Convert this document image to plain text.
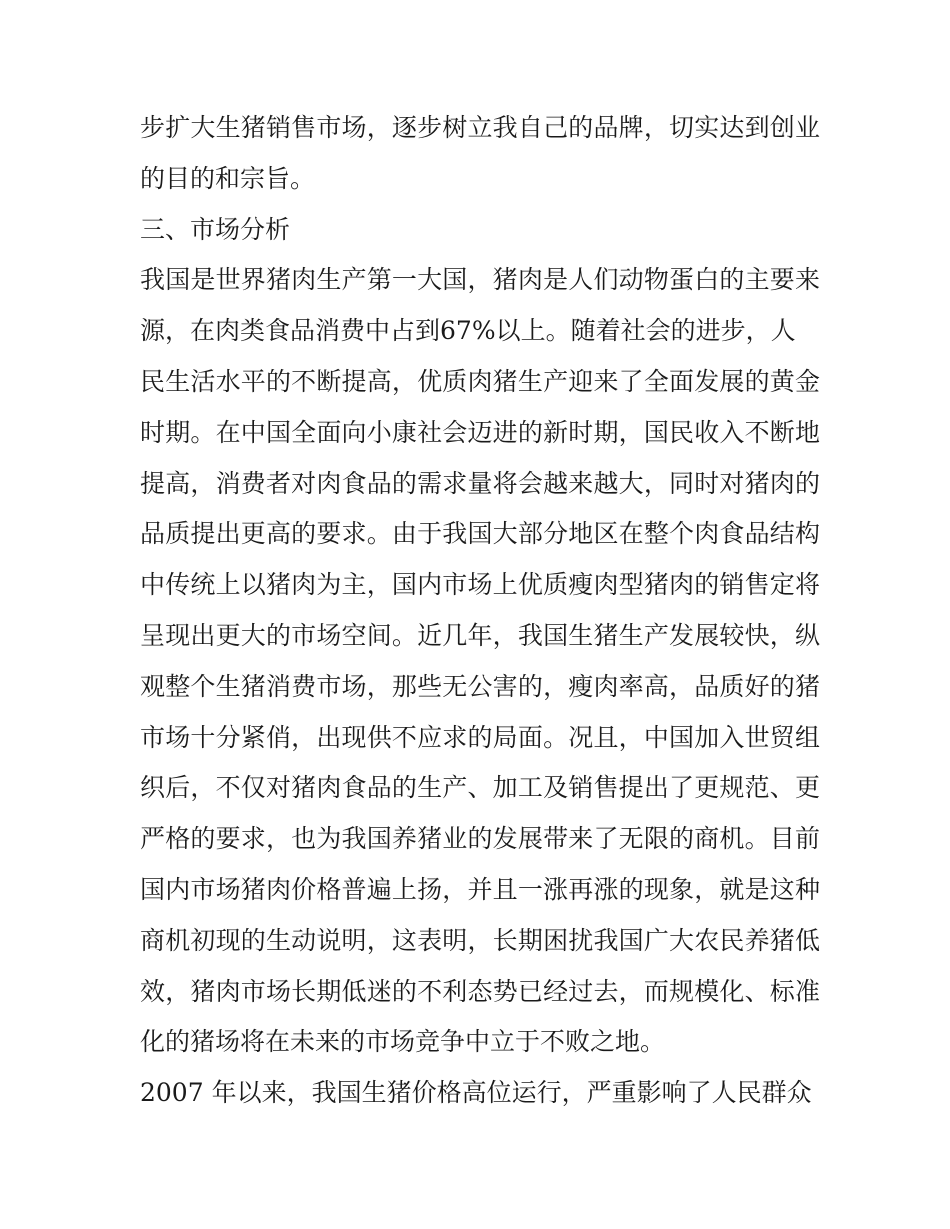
步扩大生猪销售市场，逐步树立我自己的品牌，切实达到创业
的目的和宗旨。
三、市场分析
我国是世界猪肉生产第一大国，猪肉是人们动物蛋白的主要来
源，在肉类食品消费中占到67%以上。随着社会的进步，人
民生活水平的不断提高，优质肉猪生产迎来了全面发展的黄金
时期。在中国全面向小康社会迈进的新时期，国民收入不断地
提高，消费者对肉食品的需求量将会越来越大，同时对猪肉的
品质提出更高的要求。由于我国大部分地区在整个肉食品结构
中传统上以猪肉为主，国内市场上优质瘦肉型猪肉的销售定将
呈现出更大的市场空间。近几年，我国生猪生产发展较快，纵
观整个生猪消费市场，那些无公害的，瘦肉率高，品质好的猪
市场十分紧俏，出现供不应求的局面。况且，中国加入世贸组
织后，不仅对猪肉食品的生产、加工及销售提出了更规范、更
严格的要求，也为我国养猪业的发展带来了无限的商机。目前
国内市场猪肉价格普遍上扬，并且一涨再涨的现象，就是这种
商机初现的生动说明，这表明，长期困扰我国广大农民养猪低
效，猪肉市场长期低迷的不利态势已经过去，而规模化、标准
化的猪场将在未来的市场竞争中立于不败之地。
2007 年以来，我国生猪价格高位运行，严重影响了人民群众
